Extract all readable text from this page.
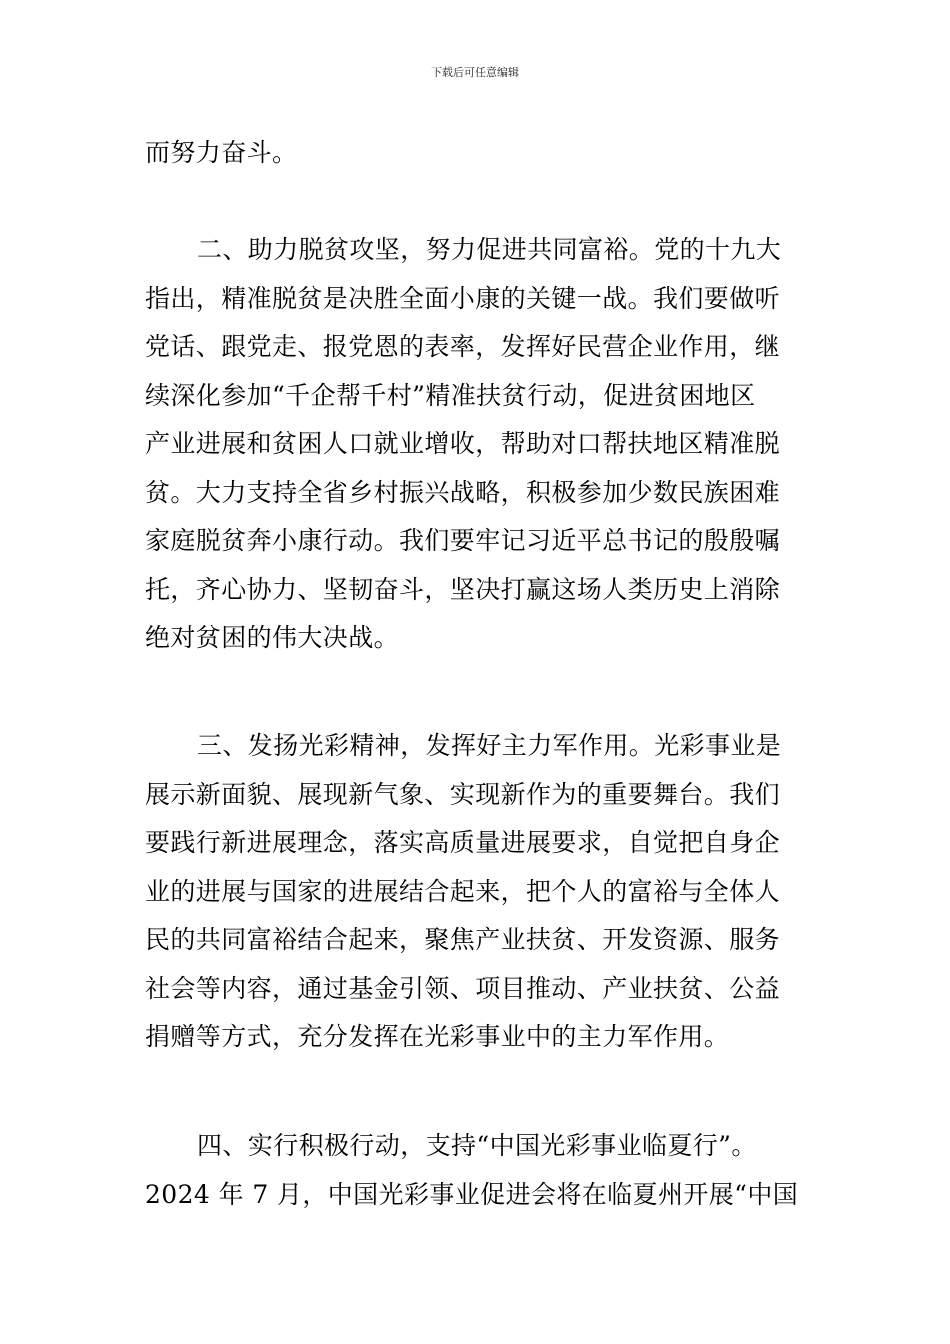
下载后可任意编辑
而努力奋斗。
二、助力脱贫攻坚，努力促进共同富裕。党的十九大
指出，精准脱贫是决胜全面小康的关键一战。我们要做听
党话、跟党走、报党恩的表率，发挥好民营企业作用，继
续深化参加“千企帮千村”精准扶贫行动，促进贫困地区
产业进展和贫困人口就业增收，帮助对口帮扶地区精准脱
贫。大力支持全省乡村振兴战略，积极参加少数民族困难
家庭脱贫奔小康行动。我们要牢记习近平总书记的殷殷嘱
托，齐心协力、坚韧奋斗，坚决打赢这场人类历史上消除
绝对贫困的伟大决战。
三、发扬光彩精神，发挥好主力军作用。光彩事业是
展示新面貌、展现新气象、实现新作为的重要舞台。我们
要践行新进展理念，落实高质量进展要求，自觉把自身企
业的进展与国家的进展结合起来，把个人的富裕与全体人
民的共同富裕结合起来，聚焦产业扶贫、开发资源、服务
社会等内容，通过基金引领、项目推动、产业扶贫、公益
捐赠等方式，充分发挥在光彩事业中的主力军作用。
四、实行积极行动，支持“中国光彩事业临夏行”。
2024 年 7 月，中国光彩事业促进会将在临夏州开展“中国
